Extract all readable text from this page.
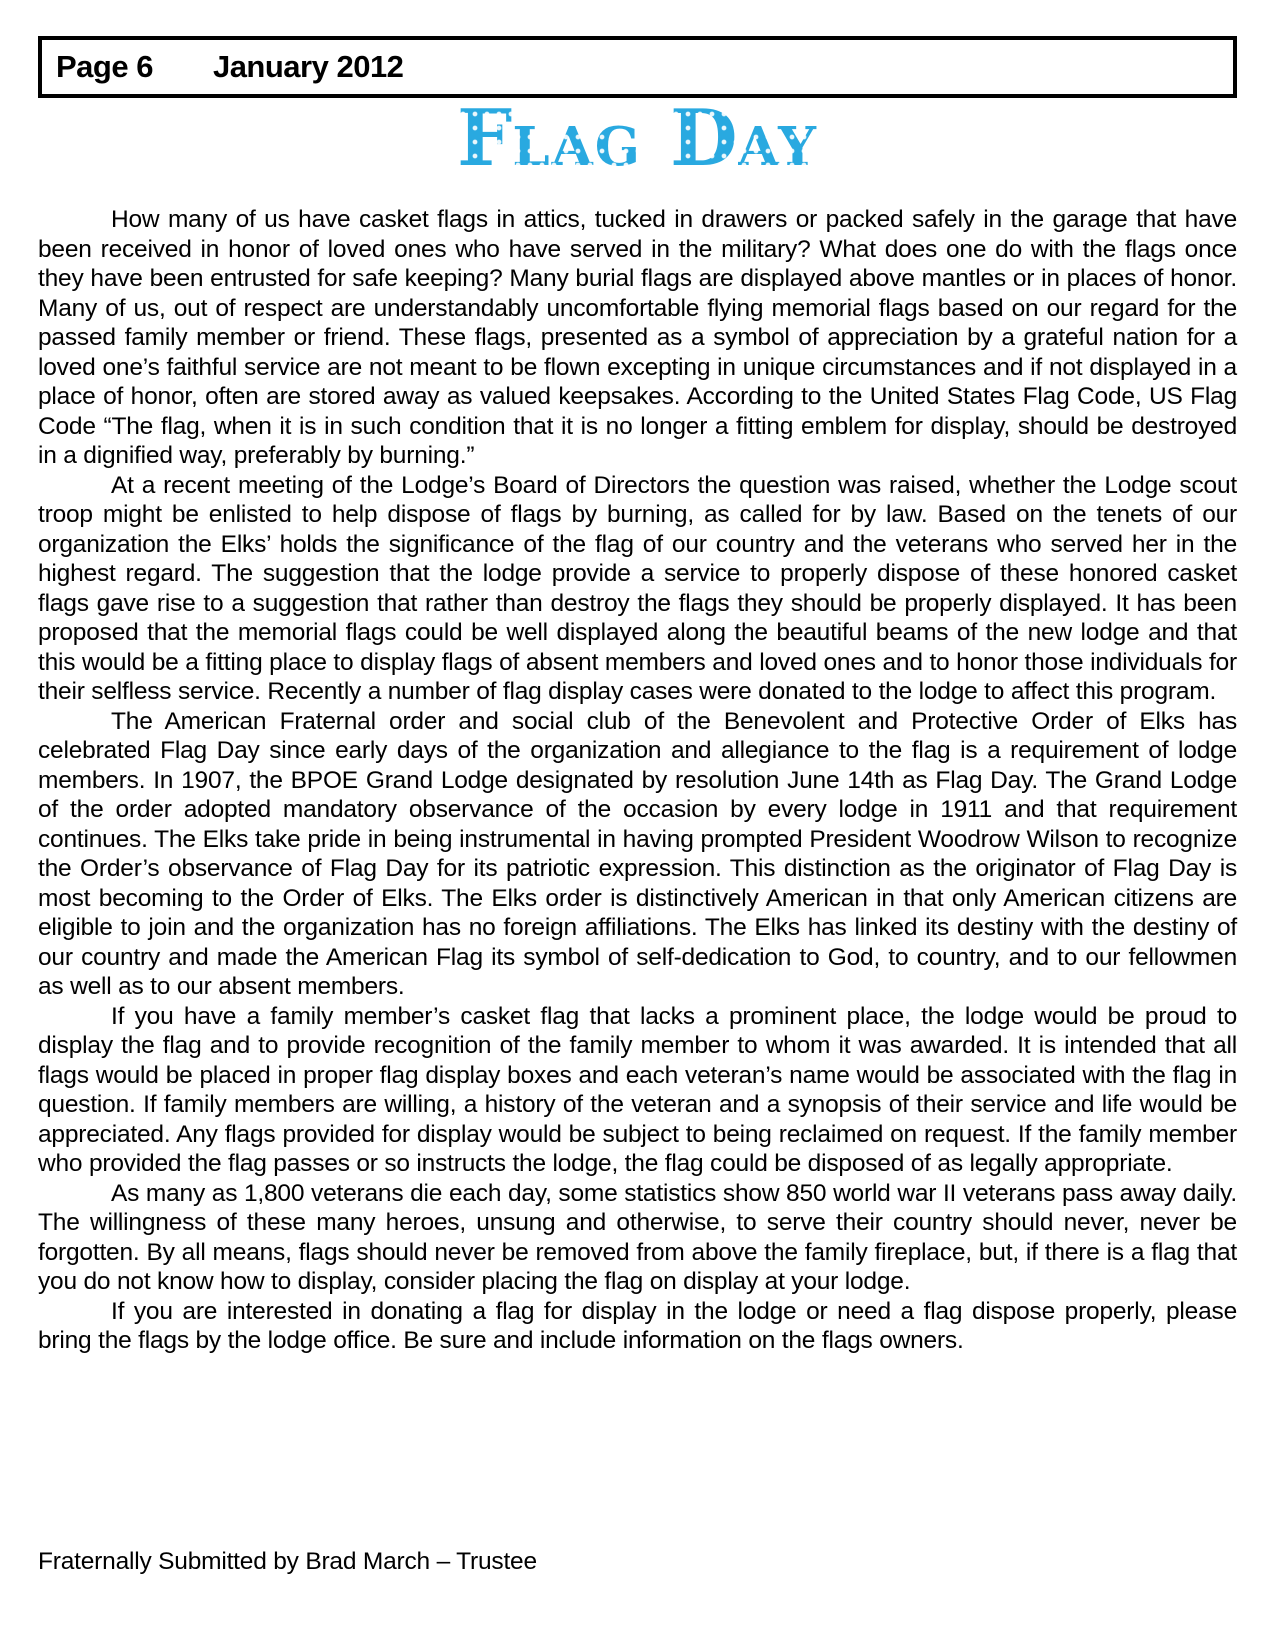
Page 6 January 2012
FLAG DAY

How many of us have casket flags in attics, tucked in drawers or packed safely in the garage that have been received in honor of loved ones who have served in the military? What does one do with the flags once they have been entrusted for safe keeping? Many burial flags are displayed above mantles or in places of honor. Many of us, out of respect are understandably uncomfortable flying memorial flags based on our regard for the passed family member or friend. These flags, presented as a symbol of appreciation by a grateful nation for a loved one’s faithful service are not meant to be flown excepting in unique circumstances and if not displayed in a place of honor, often are stored away as valued keepsakes. According to the United States Flag Code, US Flag Code “The flag, when it is in such condition that it is no longer a fitting emblem for display, should be destroyed in a dignified way, preferably by burning.”

At a recent meeting of the Lodge’s Board of Directors the question was raised, whether the Lodge scout troop might be enlisted to help dispose of flags by burning, as called for by law. Based on the tenets of our organization the Elks’ holds the significance of the flag of our country and the veterans who served her in the highest regard. The suggestion that the lodge provide a service to properly dispose of these honored casket flags gave rise to a suggestion that rather than destroy the flags they should be properly displayed. It has been proposed that the memorial flags could be well displayed along the beautiful beams of the new lodge and that this would be a fitting place to display flags of absent members and loved ones and to honor those individuals for their selfless service. Recently a number of flag display cases were donated to the lodge to affect this program.

The American Fraternal order and social club of the Benevolent and Protective Order of Elks has celebrated Flag Day since early days of the organization and allegiance to the flag is a requirement of lodge members. In 1907, the BPOE Grand Lodge designated by resolution June 14th as Flag Day. The Grand Lodge of the order adopted mandatory observance of the occasion by every lodge in 1911 and that requirement continues. The Elks take pride in being instrumental in having prompted President Woodrow Wilson to recognize the Order’s observance of Flag Day for its patriotic expression. This distinction as the originator of Flag Day is most becoming to the Order of Elks. The Elks order is distinctively American in that only American citizens are eligible to join and the organization has no foreign affiliations. The Elks has linked its destiny with the destiny of our country and made the American Flag its symbol of self-dedication to God, to country, and to our fellowmen as well as to our absent members.

If you have a family member’s casket flag that lacks a prominent place, the lodge would be proud to display the flag and to provide recognition of the family member to whom it was awarded. It is intended that all flags would be placed in proper flag display boxes and each veteran’s name would be associated with the flag in question. If family members are willing, a history of the veteran and a synopsis of their service and life would be appreciated. Any flags provided for display would be subject to being reclaimed on request. If the family member who provided the flag passes or so instructs the lodge, the flag could be disposed of as legally appropriate.

As many as 1,800 veterans die each day, some statistics show 850 world war II veterans pass away daily. The willingness of these many heroes, unsung and otherwise, to serve their country should never, never be forgotten. By all means, flags should never be removed from above the family fireplace, but, if there is a flag that you do not know how to display, consider placing the flag on display at your lodge.

If you are interested in donating a flag for display in the lodge or need a flag dispose properly, please bring the flags by the lodge office. Be sure and include information on the flags owners.

Fraternally Submitted by Brad March – Trustee
